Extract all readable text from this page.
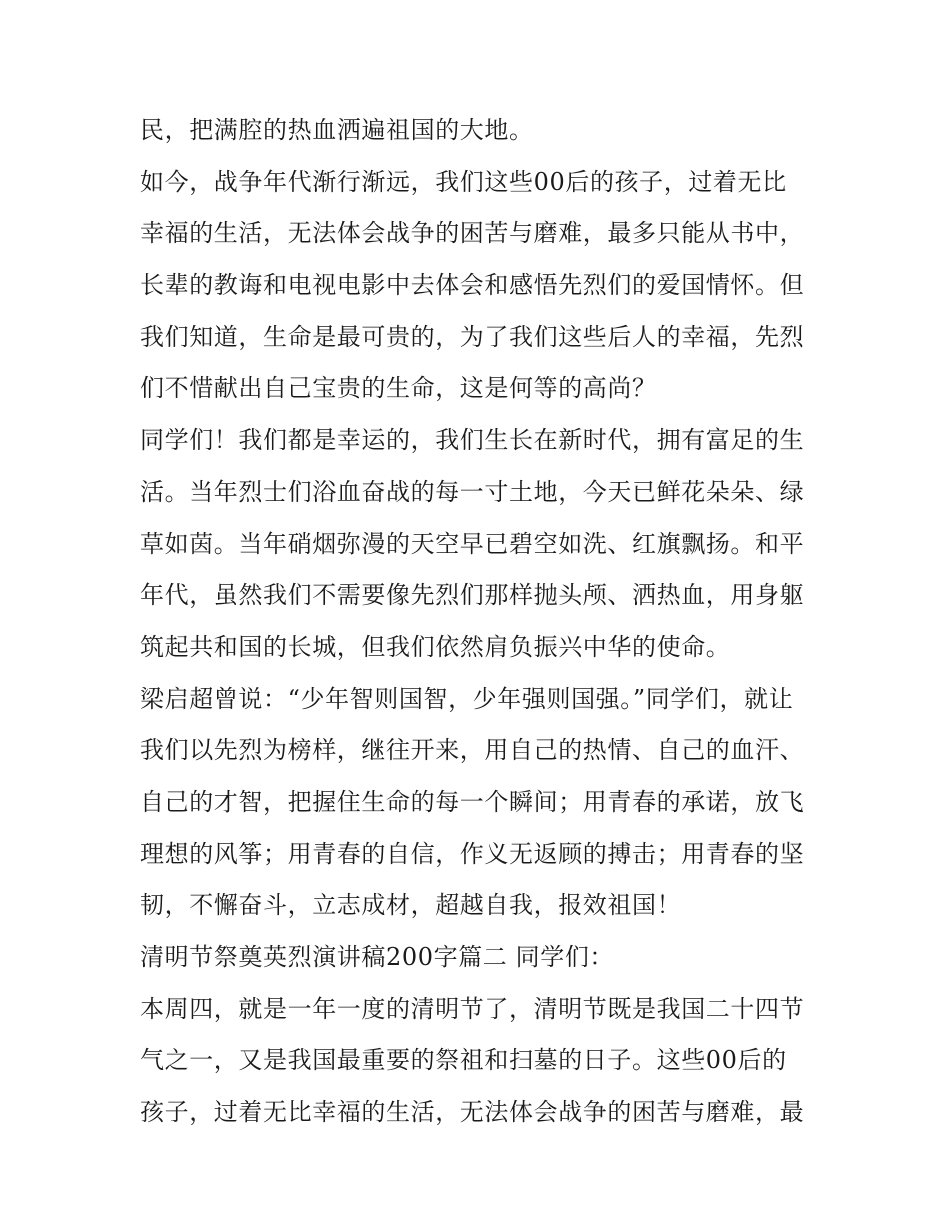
民，把满腔的热血洒遍祖国的大地。
如今，战争年代渐行渐远，我们这些00后的孩子，过着无比
幸福的生活，无法体会战争的困苦与磨难，最多只能从书中，
长辈的教诲和电视电影中去体会和感悟先烈们的爱国情怀。但
我们知道，生命是最可贵的，为了我们这些后人的幸福，先烈
们不惜献出自己宝贵的生命，这是何等的高尚？
同学们！我们都是幸运的，我们生长在新时代，拥有富足的生
活。当年烈士们浴血奋战的每一寸土地，今天已鲜花朵朵、绿
草如茵。当年硝烟弥漫的天空早已碧空如洗、红旗飘扬。和平
年代，虽然我们不需要像先烈们那样抛头颅、洒热血，用身躯
筑起共和国的长城，但我们依然肩负振兴中华的使命。
梁启超曾说：“少年智则国智，少年强则国强。”同学们，就让
我们以先烈为榜样，继往开来，用自己的热情、自己的血汗、
自己的才智，把握住生命的每一个瞬间；用青春的承诺，放飞
理想的风筝；用青春的自信，作义无返顾的搏击；用青春的坚
韧，不懈奋斗，立志成材，超越自我，报效祖国！
清明节祭奠英烈演讲稿200字篇二 同学们：
本周四，就是一年一度的清明节了，清明节既是我国二十四节
气之一，又是我国最重要的祭祖和扫墓的日子。这些00后的
孩子，过着无比幸福的生活，无法体会战争的困苦与磨难，最
